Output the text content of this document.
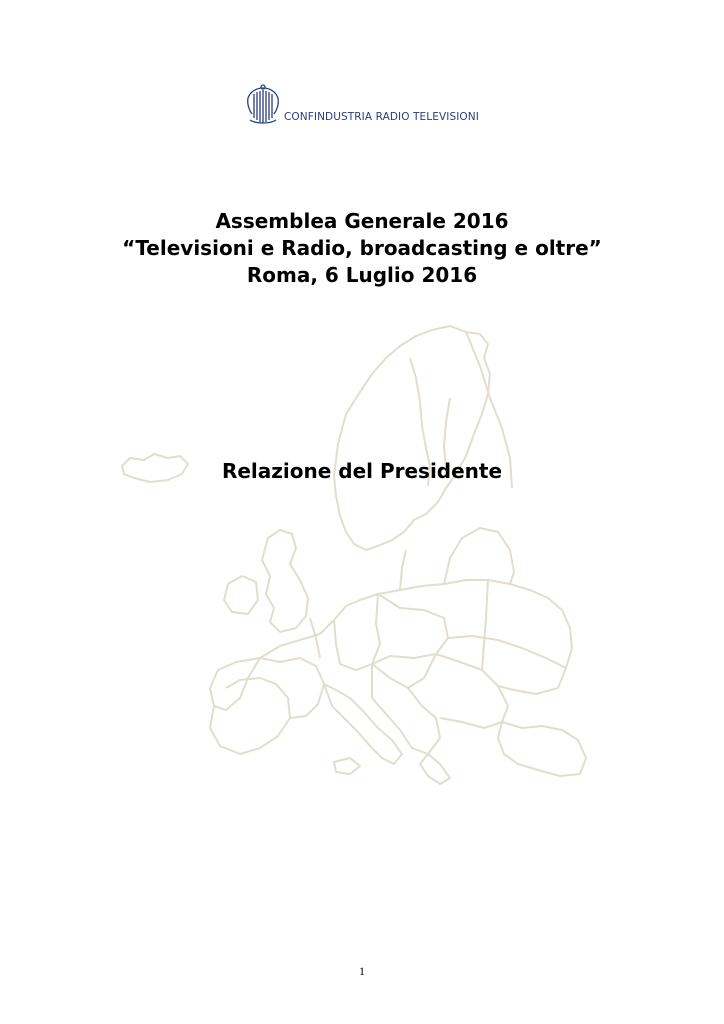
CONFINDUSTRIA RADIO TELEVISIONI
Assemblea Generale 2016
“Televisioni e Radio, broadcasting e oltre”
Roma, 6 Luglio 2016
Relazione del Presidente
1
